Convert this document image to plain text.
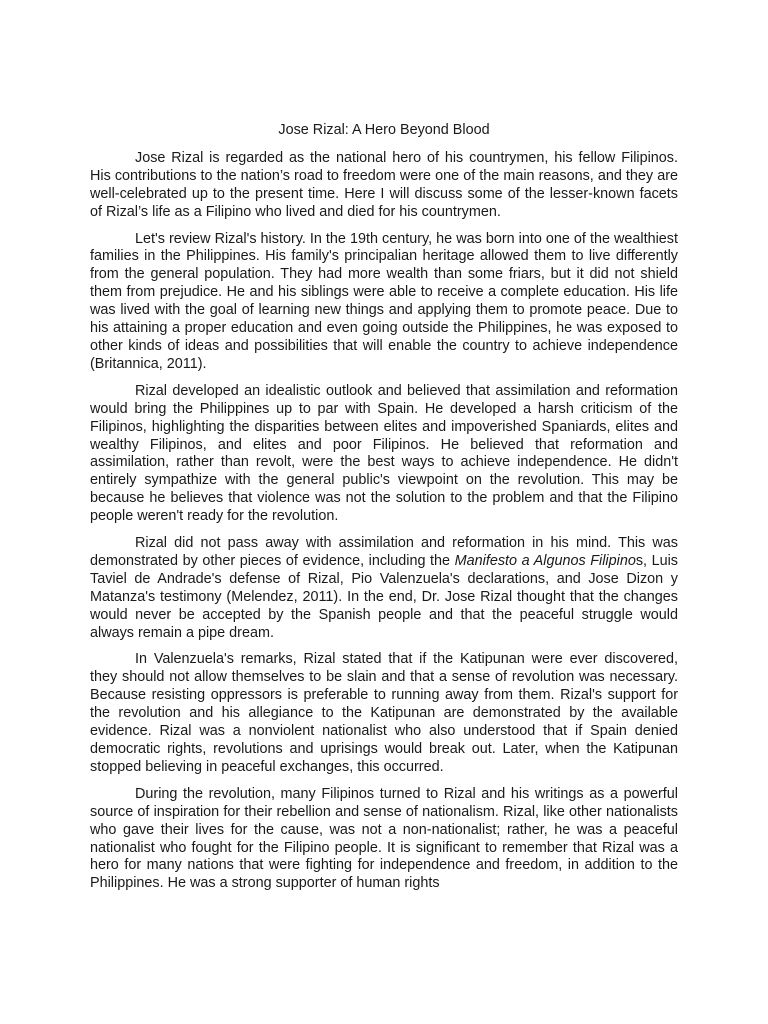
Jose Rizal: A Hero Beyond Blood

Jose Rizal is regarded as the national hero of his countrymen, his fellow Filipinos. His contributions to the nation’s road to freedom were one of the main reasons, and they are well-celebrated up to the present time. Here I will discuss some of the lesser-known facets of Rizal’s life as a Filipino who lived and died for his countrymen.

Let's review Rizal's history. In the 19th century, he was born into one of the wealthiest families in the Philippines. His family's principalian heritage allowed them to live differently from the general population. They had more wealth than some friars, but it did not shield them from prejudice. He and his siblings were able to receive a complete education. His life was lived with the goal of learning new things and applying them to promote peace. Due to his attaining a proper education and even going outside the Philippines, he was exposed to other kinds of ideas and possibilities that will enable the country to achieve independence (Britannica, 2011).

Rizal developed an idealistic outlook and believed that assimilation and reformation would bring the Philippines up to par with Spain. He developed a harsh criticism of the Filipinos, highlighting the disparities between elites and impoverished Spaniards, elites and wealthy Filipinos, and elites and poor Filipinos. He believed that reformation and assimilation, rather than revolt, were the best ways to achieve independence. He didn't entirely sympathize with the general public's viewpoint on the revolution. This may be because he believes that violence was not the solution to the problem and that the Filipino people weren't ready for the revolution.

Rizal did not pass away with assimilation and reformation in his mind. This was demonstrated by other pieces of evidence, including the Manifesto a Algunos Filipinos, Luis Taviel de Andrade's defense of Rizal, Pio Valenzuela's declarations, and Jose Dizon y Matanza's testimony (Melendez, 2011). In the end, Dr. Jose Rizal thought that the changes would never be accepted by the Spanish people and that the peaceful struggle would always remain a pipe dream.

In Valenzuela's remarks, Rizal stated that if the Katipunan were ever discovered, they should not allow themselves to be slain and that a sense of revolution was necessary. Because resisting oppressors is preferable to running away from them. Rizal's support for the revolution and his allegiance to the Katipunan are demonstrated by the available evidence. Rizal was a nonviolent nationalist who also understood that if Spain denied democratic rights, revolutions and uprisings would break out. Later, when the Katipunan stopped believing in peaceful exchanges, this occurred.

During the revolution, many Filipinos turned to Rizal and his writings as a powerful source of inspiration for their rebellion and sense of nationalism. Rizal, like other nationalists who gave their lives for the cause, was not a non-nationalist; rather, he was a peaceful nationalist who fought for the Filipino people. It is significant to remember that Rizal was a hero for many nations that were fighting for independence and freedom, in addition to the Philippines. He was a strong supporter of human rights
